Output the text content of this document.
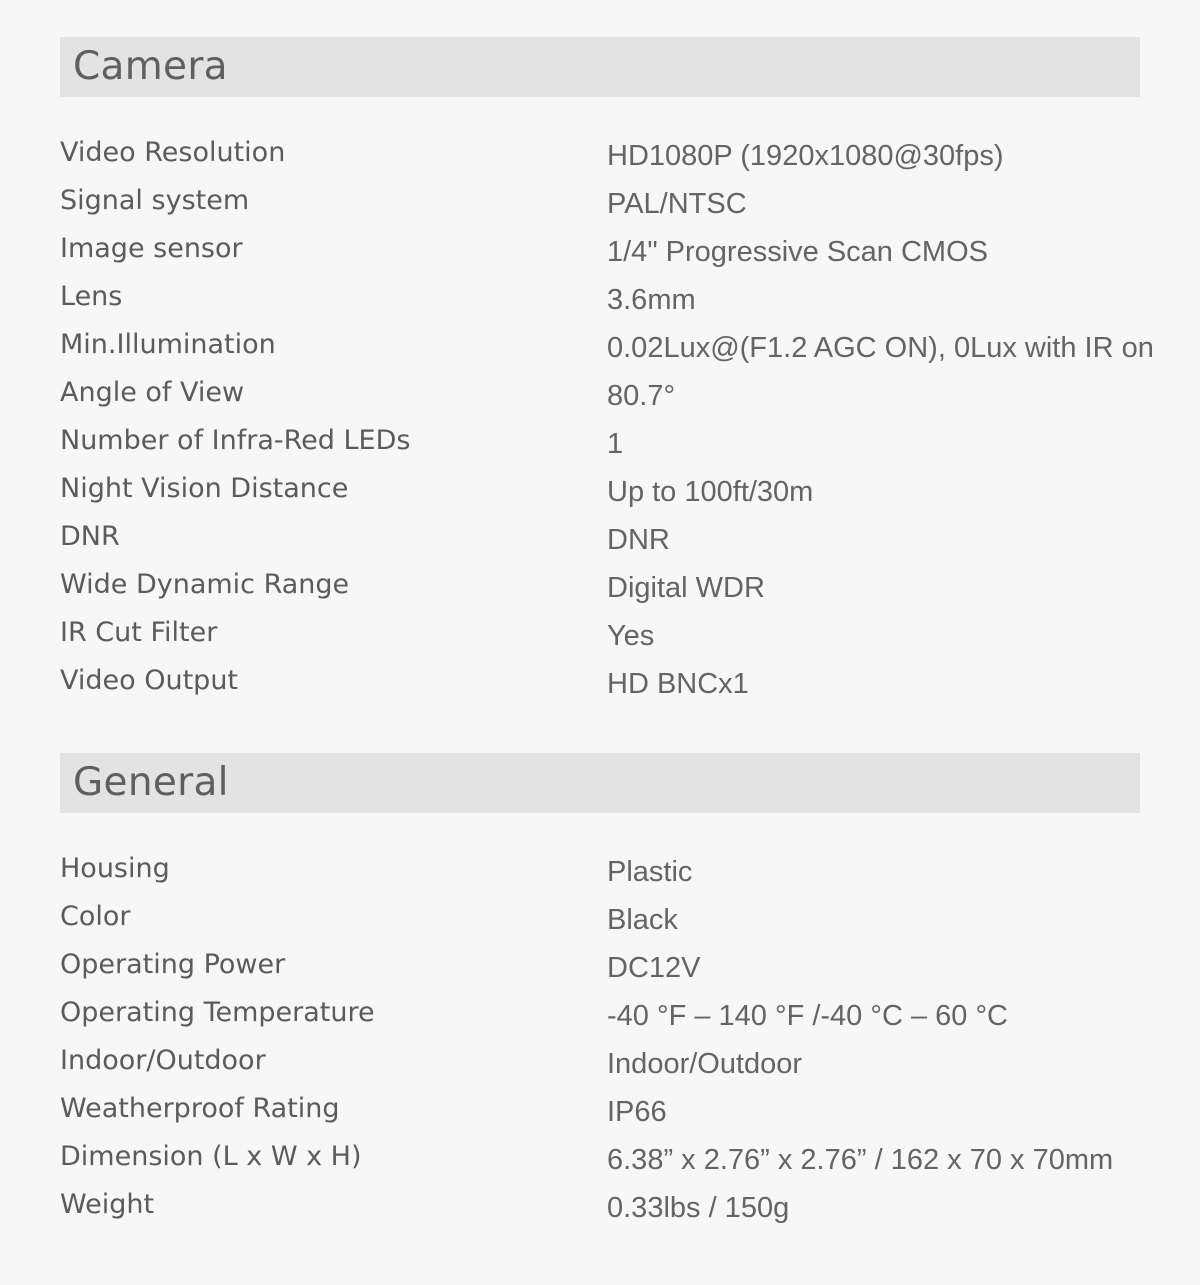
Camera
Video Resolution	HD1080P (1920x1080@30fps)
Signal system	PAL/NTSC
Image sensor	1/4" Progressive Scan CMOS
Lens	3.6mm
Min.Illumination	0.02Lux@(F1.2 AGC ON), 0Lux with IR on
Angle of View	80.7°
Number of Infra-Red LEDs	1
Night Vision Distance	Up to 100ft/30m
DNR	DNR
Wide Dynamic Range	Digital WDR
IR Cut Filter	Yes
Video Output	HD BNCx1
General
Housing	Plastic
Color	Black
Operating Power	DC12V
Operating Temperature	-40 °F – 140 °F /-40 °C – 60 °C
Indoor/Outdoor	Indoor/Outdoor
Weatherproof Rating	IP66
Dimension (L x W x H)	6.38” x 2.76” x 2.76” / 162 x 70 x 70mm
Weight	0.33lbs / 150g
